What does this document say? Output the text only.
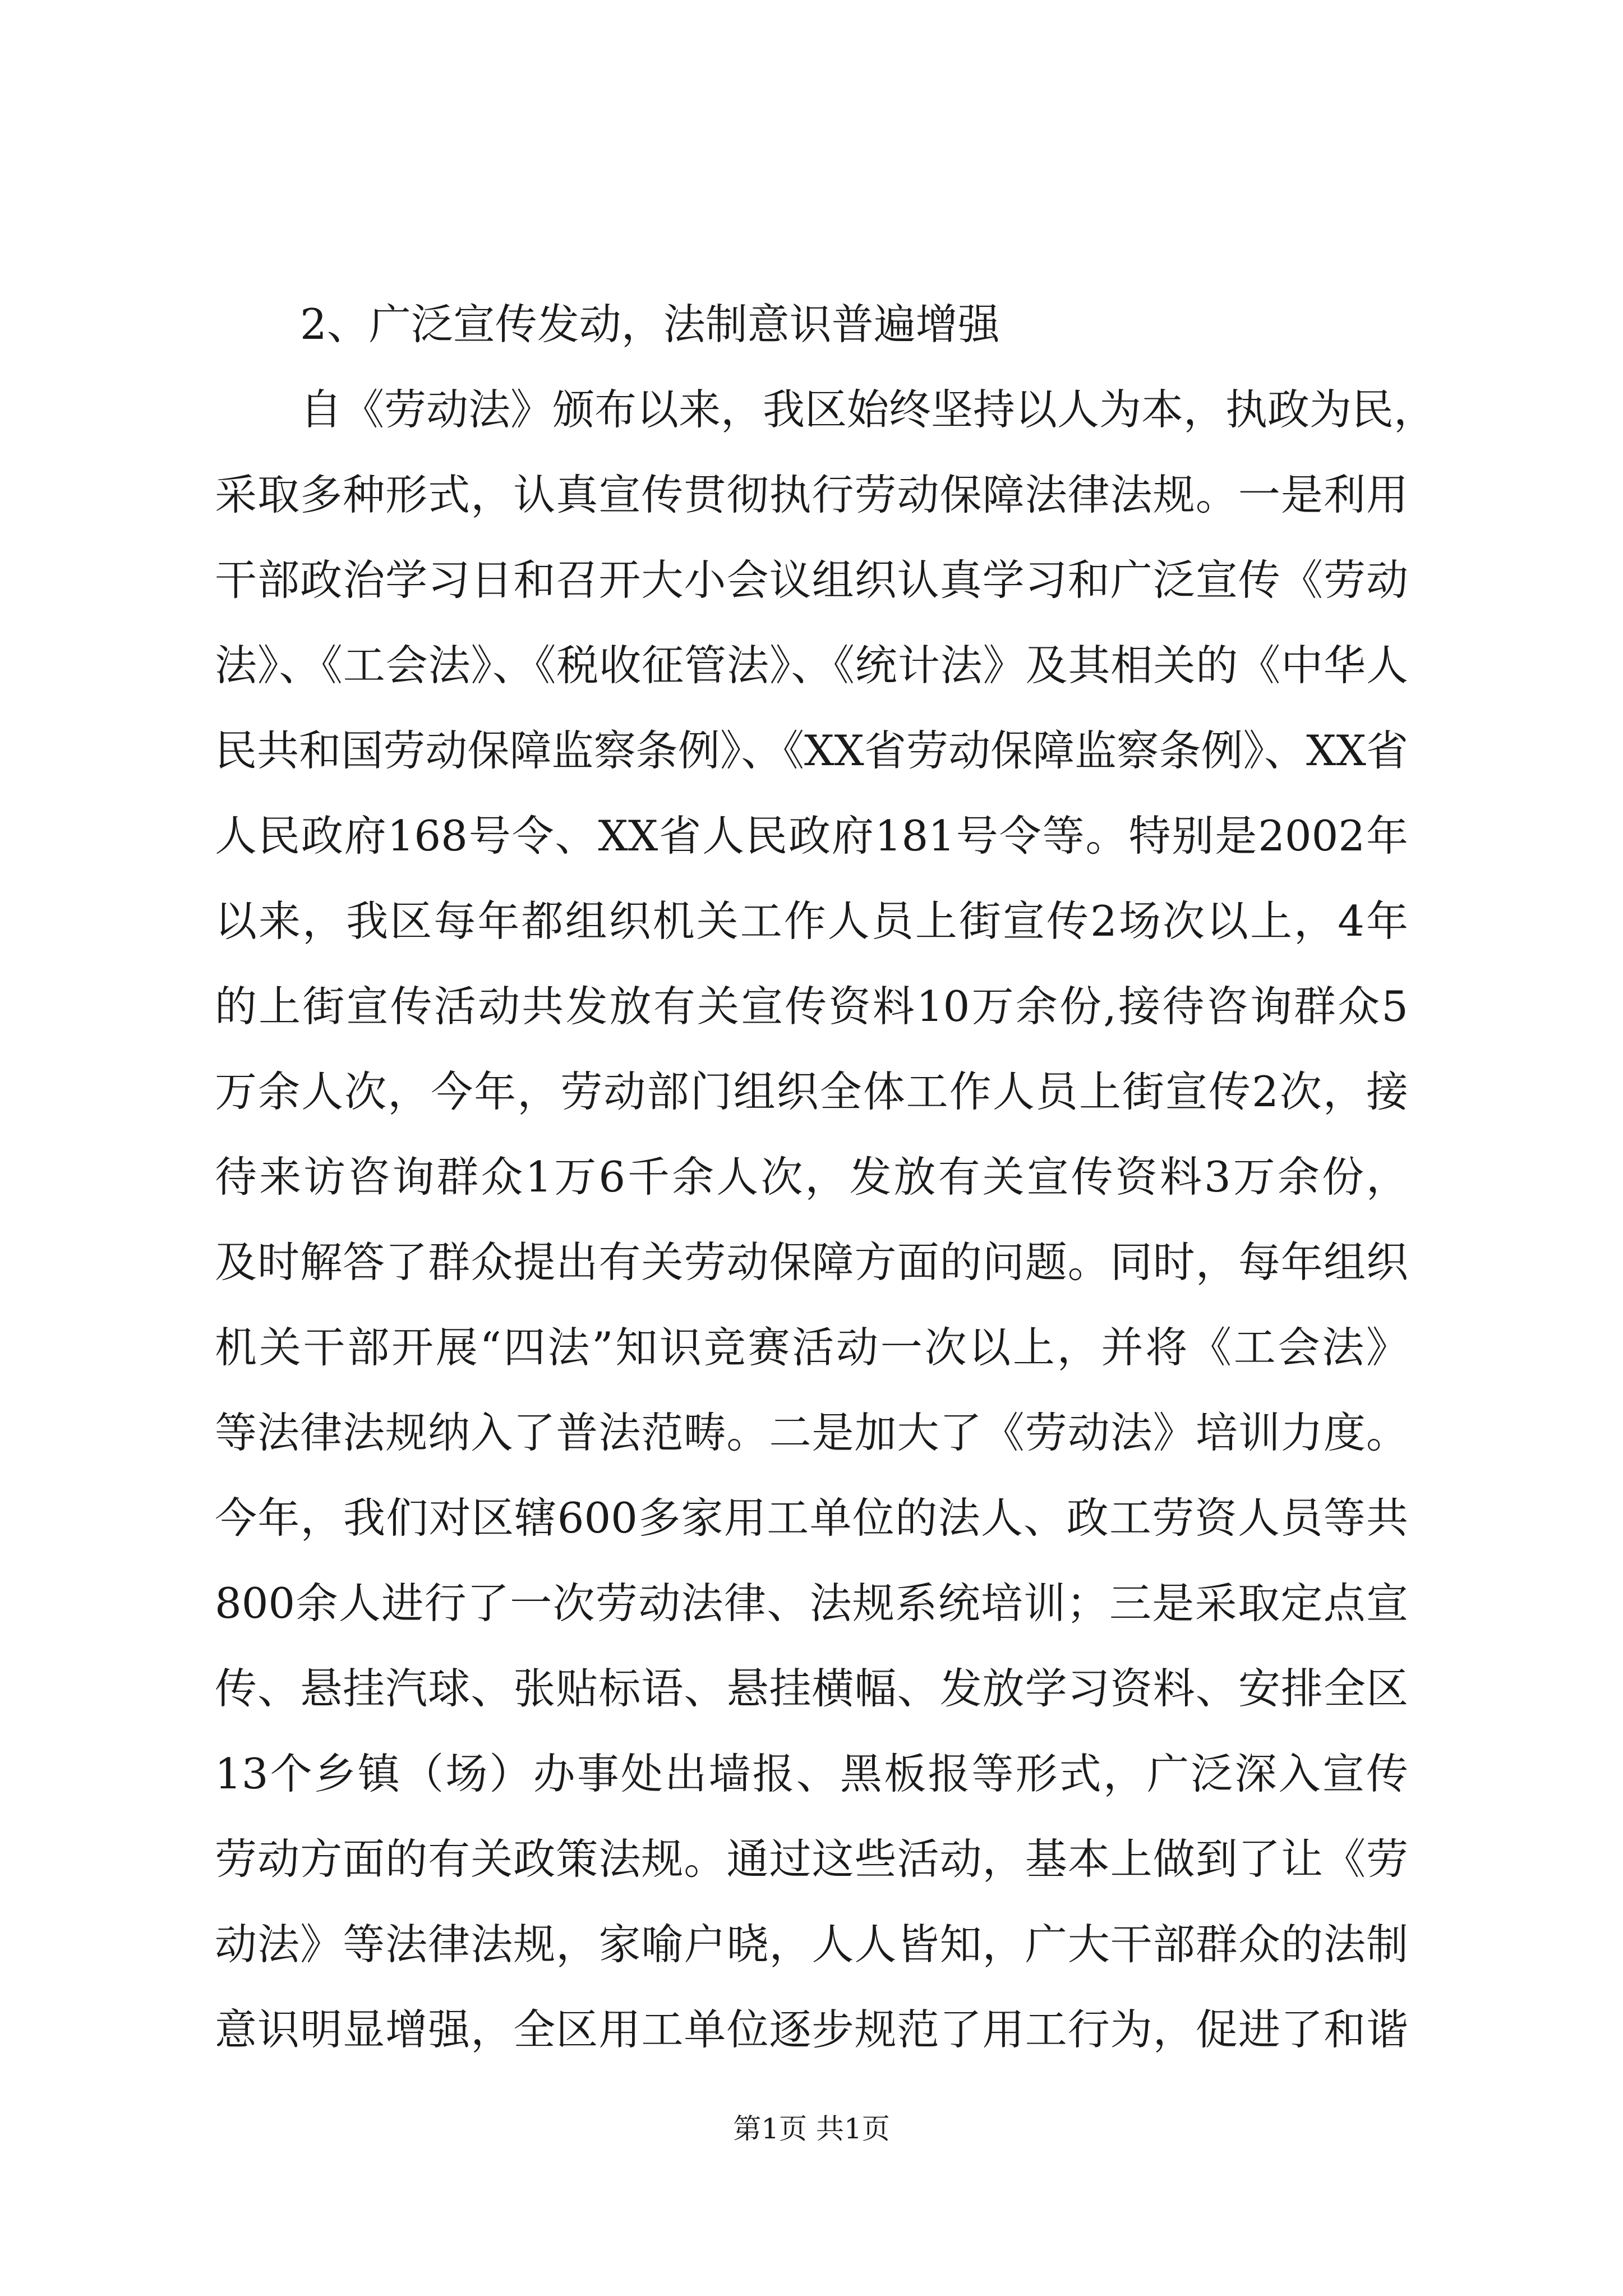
2、广泛宣传发动，法制意识普遍增强

自《劳动法》颁布以来，我区始终坚持以人为本，执政为民，

采取多种形式，认真宣传贯彻执行劳动保障法律法规。一是利用

干部政治学习日和召开大小会议组织认真学习和广泛宣传《劳动

法》、《工会法》、《税收征管法》、《统计法》及其相关的《中华人

民共和国劳动保障监察条例》、《XX省劳动保障监察条例》、XX省

人民政府168号令、XX省人民政府181号令等。特别是2002年

以来，我区每年都组织机关工作人员上街宣传2场次以上，4年

的上街宣传活动共发放有关宣传资料10万余份,接待咨询群众5

万余人次，今年，劳动部门组织全体工作人员上街宣传2次，接

待来访咨询群众1万6千余人次，发放有关宣传资料3万余份，

及时解答了群众提出有关劳动保障方面的问题。同时，每年组织

机关干部开展“四法”知识竞赛活动一次以上，并将《工会法》

等法律法规纳入了普法范畴。二是加大了《劳动法》培训力度。

今年，我们对区辖600多家用工单位的法人、政工劳资人员等共

800余人进行了一次劳动法律、法规系统培训；三是采取定点宣

传、悬挂汽球、张贴标语、悬挂横幅、发放学习资料、安排全区

13个乡镇（场）办事处出墙报、黑板报等形式，广泛深入宣传

劳动方面的有关政策法规。通过这些活动，基本上做到了让《劳

动法》等法律法规，家喻户晓，人人皆知，广大干部群众的法制

意识明显增强，全区用工单位逐步规范了用工行为，促进了和谐

第1页 共1页
